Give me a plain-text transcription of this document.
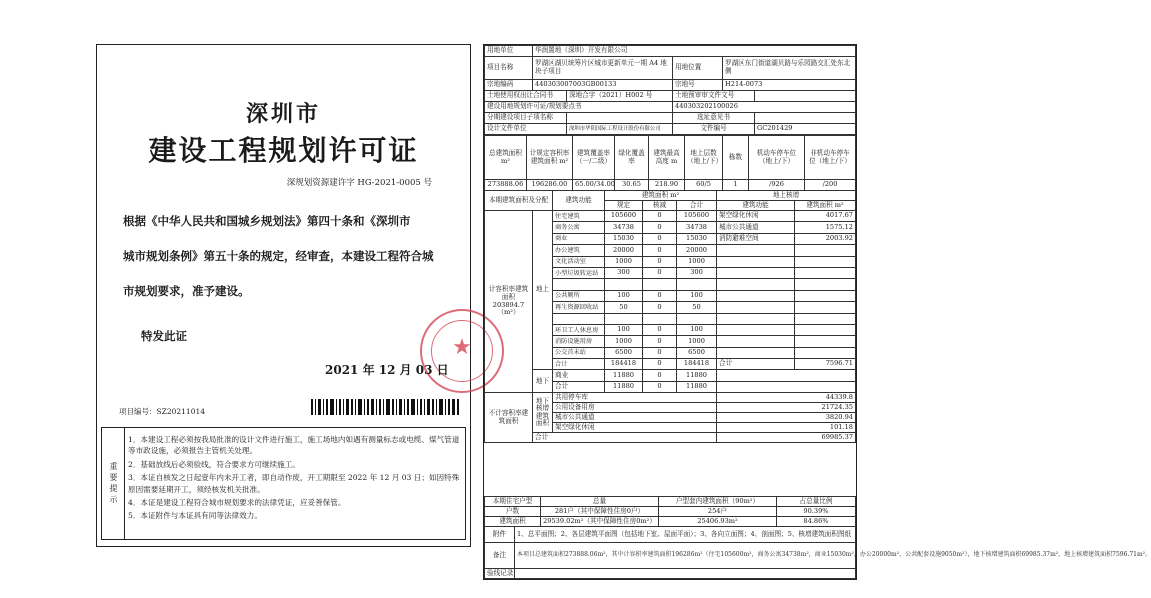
深圳市
建设工程规划许可证
深规划资源建许字 HG-2021-0005 号
根据《中华人民共和国城乡规划法》第四十条和《深圳市
城市规划条例》第五十条的规定，经审查，本建设工程符合城
市规划要求，准予建设。
特发此证	★
2021 年 12 月 03 日
项目编号：SZ20211014
重要提示
1．本建设工程必须按我局批准的设计文件进行施工，施工场地内如遇有测量标志或电缆、煤气管道等市政设施，必须报告主管机关处理。
2．基础放线后必须验线，符合要求方可继续施工。
3．本证自核发之日起壹年内未开工者，即自动作废，开工期限至 2022 年 12 月 03 日；如因特殊原因需要延期开工，须经核发机关批准。
4．本证是建设工程符合城市规划要求的法律凭证，应妥善保管。
5．本证附件与本证具有同等法律效力。
用地单位	华润置地（深圳）开发有限公司		
项目名称	罗湖区湖贝统筹片区城市更新单元一期 A4 地块子项目	用地位置	罗湖区东门街道湖贝路与乐园路交汇处东北侧
宗地编码	440303007003GB00133	宗地号	H214-0073
土地使用权出让合同书	深地合字（2021）H002 号	土地预审审文件文号	
建设用地规划许可证/规划要点书		440303202100026	
分期建设项目子项名称		选址意见书	
设计文件单位	深圳市华阳国际工程设计股份有限公司	文件编号	GC201429
总建筑面积 m²	计规定容积率建筑面积 m²	建筑覆盖率（一/二级）	绿化覆盖率	建筑最高高度 m	地上层数（地上/下）	栋数	机动车停车位（地上/下）	非机动车停车位（地上/下）
273888.06	196286.00	65.00/34.00	30.65	218.90	60/5	1	/926	/200
本期建筑面积及分配		建筑功能	建筑面积 m²			地上核增	
			规定	核减	合计	建筑功能	建筑面积 m²
计容积率建筑面积 203894.7 （m²）	地上	住宅建筑	105600	0	105600	架空绿化休闲	4017.67
		商务公寓	34738	0	34738	城市公共通道	1575.12
		商业	15030	0	15030	消防避难空间	2003.92
		办公建筑	20000	0	20000		
		文化活动室	1000	0	1000		
		小型垃圾转运站	300	0	300		

		公共厕所	100	0	100		
		再生资源回收站	50	0	50		

		环卫工人休息房	100	0	100		
		消防设施用房	1000	0	1000		
		公交首末站	6500	0	6500		
		合计	184418	0	184418	合计	7596.71
	地下	商业	11880	0	11880		
		合计	11880	0	11880		
不计容积率建筑面积	地下核增建筑面积	共用停车库				44339.8	
		公用设备用房				21724.35	
		城市公共通道				3820.94	
		架空绿化休闲				101.18	
	合计					69985.37	
本期住宅户型	总量	户型套内建筑面积（90m²）	占总量比例
户数	281户（其中保障性住房0户）	254户	90.39%
建筑面积	29539.02m²（其中保障性住房0m²）	25406.93m²	84.86%
附件	1、总平面图；2、各层建筑平面图（包括地下室、屋面平面）；3、各向立面图；4、剖面图；5、核增建筑面积图纸
备注	本项目总建筑面积273888.06m²，其中计容积率建筑面积196286m²（住宅105600m²，商务公寓34738m²，商业15030m²，办公20000m²，公共配套设施9050m²），地下核增建筑面积69985.37m²，地上核增建筑面积7596.71m²。
验线记录	
